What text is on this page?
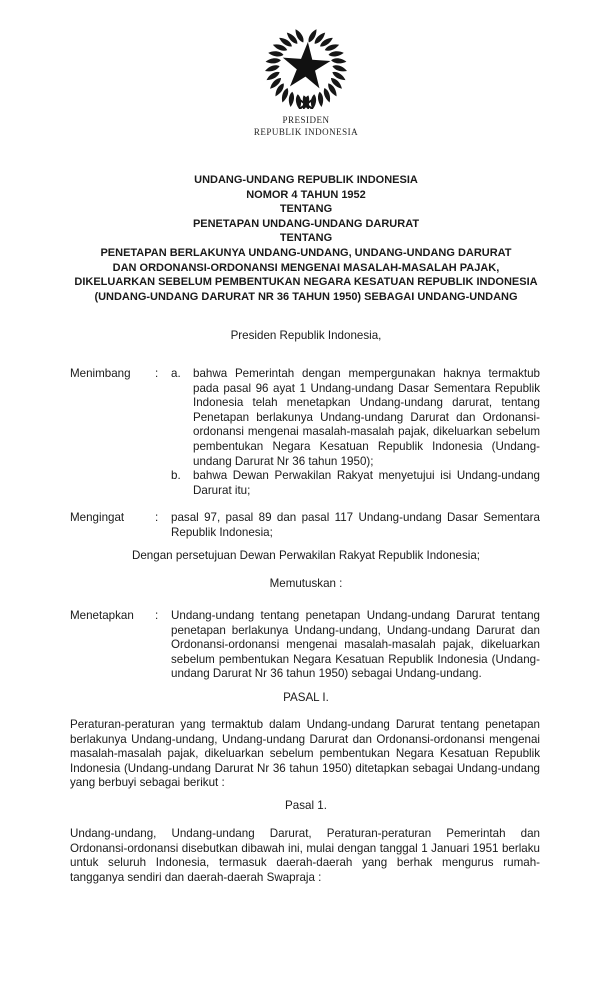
PRESIDEN
REPUBLIK INDONESIA
UNDANG-UNDANG REPUBLIK INDONESIA
NOMOR 4 TAHUN 1952
TENTANG
PENETAPAN UNDANG-UNDANG DARURAT
TENTANG
PENETAPAN BERLAKUNYA UNDANG-UNDANG, UNDANG-UNDANG DARURAT
DAN ORDONANSI-ORDONANSI MENGENAI MASALAH-MASALAH PAJAK,
DIKELUARKAN SEBELUM PEMBENTUKAN NEGARA KESATUAN REPUBLIK INDONESIA
(UNDANG-UNDANG DARURAT NR 36 TAHUN 1950) SEBAGAI UNDANG-UNDANG
Presiden Republik Indonesia,
Menimbang	:	a.	bahwa Pemerintah dengan mempergunakan haknya termaktub pada pasal 96 ayat 1 Undang-undang Dasar Sementara Republik Indonesia telah menetapkan Undang-undang darurat, tentang Penetapan berlakunya Undang-undang Darurat dan Ordonansi-ordonansi mengenai masalah-masalah pajak, dikeluarkan sebelum pembentukan Negara Kesatuan Republik Indonesia (Undang-undang Darurat Nr 36 tahun 1950);
b.	bahwa Dewan Perwakilan Rakyat menyetujui isi Undang-undang Darurat itu;
Mengingat	:	pasal 97, pasal 89 dan pasal 117 Undang-undang Dasar Sementara Republik Indonesia;
Dengan persetujuan Dewan Perwakilan Rakyat Republik Indonesia;
Memutuskan :
Menetapkan	:	Undang-undang tentang penetapan Undang-undang Darurat tentang penetapan berlakunya Undang-undang, Undang-undang Darurat dan Ordonansi-ordonansi mengenai masalah-masalah pajak, dikeluarkan sebelum pembentukan Negara Kesatuan Republik Indonesia (Undang-undang Darurat Nr 36 tahun 1950) sebagai Undang-undang.
PASAL I.
Peraturan-peraturan yang termaktub dalam Undang-undang Darurat tentang penetapan berlakunya Undang-undang, Undang-undang Darurat dan Ordonansi-ordonansi mengenai masalah-masalah pajak, dikeluarkan sebelum pembentukan Negara Kesatuan Republik Indonesia (Undang-undang Darurat Nr 36 tahun 1950) ditetapkan sebagai Undang-undang yang berbuyi sebagai berikut :
Pasal 1.
Undang-undang, Undang-undang Darurat, Peraturan-peraturan Pemerintah dan Ordonansi-ordonansi disebutkan dibawah ini, mulai dengan tanggal 1 Januari 1951 berlaku untuk seluruh Indonesia, termasuk daerah-daerah yang berhak mengurus rumah-tangganya sendiri dan daerah-daerah Swapraja :
